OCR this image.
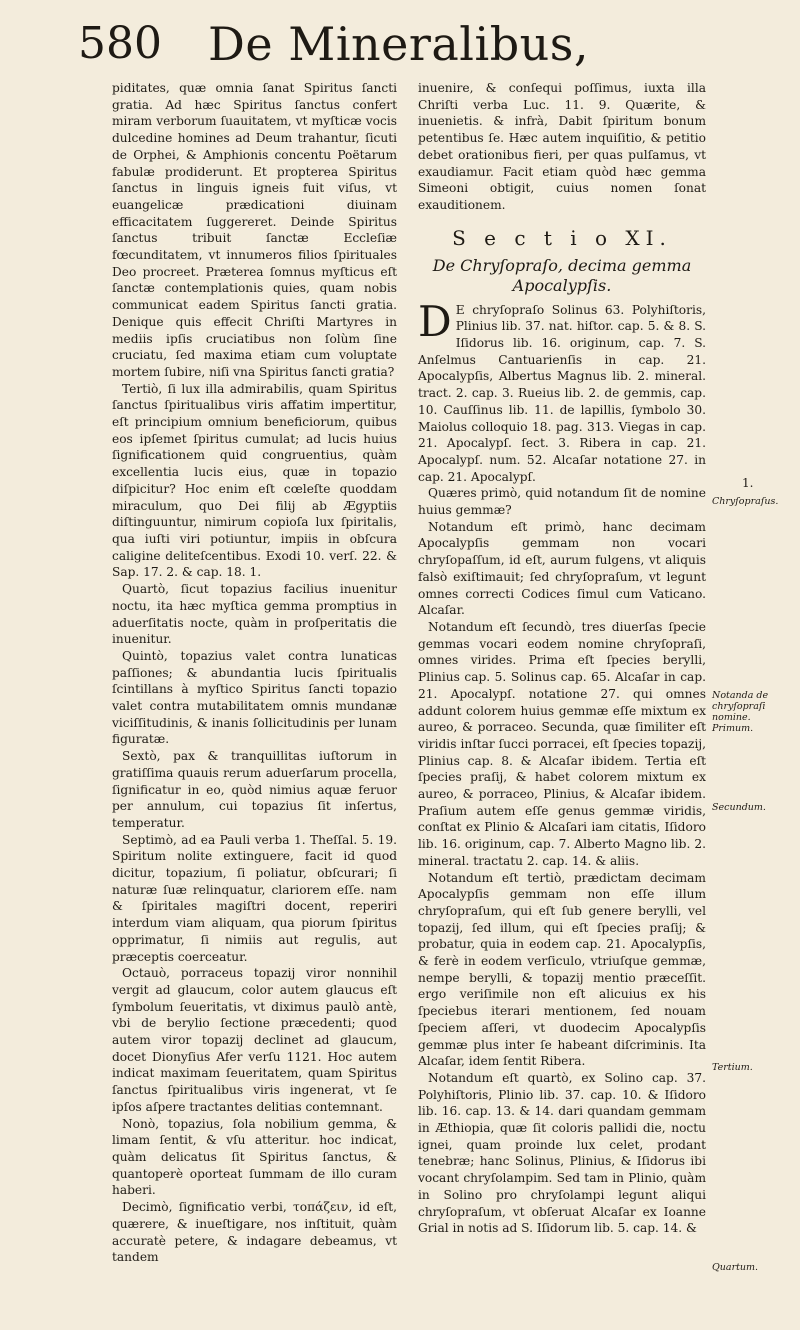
580 De Mineralibus,

piditates, quæ omnia ſanat Spiritus ſancti gratia. Ad hæc Spiritus ſanctus confert miram verborum ſuauitatem, vt myſticæ vocis dulcedine homines ad Deum trahantur, ſicuti de Orphei, & Amphionis concentu Poëtarum fabulæ prodiderunt. Et propterea Spiritus ſanctus in linguis igneis fuit viſus, vt euangelicæ prædicationi diuinam efficacitatem ſuggereret. Deinde Spiritus ſanctus tribuit ſanctæ Eccleſiæ fœcunditatem, vt innumeros filios ſpirituales Deo procreet. Præterea ſomnus myſticus eſt ſanctæ contemplationis quies, quam nobis communicat eadem Spiritus ſancti gratia. Denique quis effecit Chriſti Martyres in mediis ipſis cruciatibus non ſolùm ſine cruciatu, ſed maxima etiam cum voluptate mortem ſubire, niſi vna Spiritus ſancti gratia?

Tertiò, ſi lux illa admirabilis, quam Spiritus ſanctus ſpiritualibus viris affatim impertitur, eſt principium omnium beneficiorum, quibus eos ipſemet ſpiritus cumulat; ad lucis huius ſignificationem quid congruentius, quàm excellentia lucis eius, quæ in topazio diſpicitur? Hoc enim eſt cœleſte quoddam miraculum, quo Dei filij ab Ægyptiis diſtinguuntur, nimirum copioſa lux ſpiritalis, qua iuſti viri potiuntur, impiis in obſcura caligine deliteſcentibus. Exodi 10. verſ. 22. & Sap. 17. 2. & cap. 18. 1.

Quartò, ſicut topazius facilius inuenitur noctu, ita hæc myſtica gemma promptius in aduerſitatis nocte, quàm in proſperitatis die inuenitur.

Quintò, topazius valet contra lunaticas paſſiones; & abundantia lucis ſpiritualis ſcintillans à myſtico Spiritus ſancti topazio valet contra mutabilitatem omnis mundanæ viciſſitudinis, & inanis ſollicitudinis per lunam figuratæ.

Sextò, pax & tranquillitas iuſtorum in gratiſſima quauis rerum aduerſarum procella, ſignificatur in eo, quòd nimius aquæ feruor per annulum, cui topazius ſit inſertus, temperatur.

Septimò, ad ea Pauli verba 1. Theſſal. 5. 19. Spiritum nolite extinguere, facit id quod dicitur, topazium, ſi poliatur, obſcurari; ſi naturæ ſuæ relinquatur, clariorem eſſe. nam & ſpiritales magiſtri docent, reperiri interdum viam aliquam, qua piorum ſpiritus opprimatur, ſi nimiis aut regulis, aut præceptis coerceatur.

Octauò, porraceus topazij viror nonnihil vergit ad glaucum, color autem glaucus eſt ſymbolum ſeueritatis, vt diximus paulò antè, vbi de berylio ſectione præcedenti; quod autem viror topazij declinet ad glaucum, docet Dionyſius Afer verſu 1121. Hoc autem indicat maximam ſeueritatem, quam Spiritus ſanctus ſpiritualibus viris ingenerat, vt ſe ipſos aſpere tractantes delitias contemnant.

Nonò, topazius, ſola nobilium gemma, & limam ſentit, & vſu atteritur. hoc indicat, quàm delicatus ſit Spiritus ſanctus, & quantoperè oporteat ſummam de illo curam haberi.

Decimò, ſignificatio verbi, τοπάζειν, id eſt, quærere, & inueſtigare, nos inſtituit, quàm accuratè petere, & indagare debeamus, vt tandem

inuenire, & conſequi poſſimus, iuxta illa Chriſti verba Luc. 11. 9. Quærite, & inuenietis. & infrà, Dabit ſpiritum bonum petentibus ſe. Hæc autem inquiſitio, & petitio debet orationibus fieri, per quas pulſamus, vt exaudiamur. Facit etiam quòd hæc gemma Simeoni obtigit, cuius nomen ſonat exauditionem.

S e c t i o XI.
De Chryſopraſo, decima gemma Apocalypſis.

D E chryſopraſo Solinus 63. Polyhiſtoris, Plinius lib. 37. nat. hiſtor. cap. 5. & 8. S. Iſidorus lib. 16. originum, cap. 7. S. Anſelmus Cantuarienſis in cap. 21. Apocalypſis, Albertus Magnus lib. 2. mineral. tract. 2. cap. 3. Rueius lib. 2. de gemmis, cap. 10. Cauſſinus lib. 11. de lapillis, ſymbolo 30. Maiolus colloquio 18. pag. 313. Viegas in cap. 21. Apocalypſ. ſect. 3. Ribera in cap. 21. Apocalypſ. num. 52. Alcaſar notatione 27. in cap. 21. Apocalypſ.

Quæres primò, quid notandum ſit de nomine huius gemmæ?

Notandum eſt primò, hanc decimam Apocalypſis gemmam non vocari chryſopaſſum, id eſt, aurum fulgens, vt aliquis falsò exiſtimauit; ſed chryſopraſum, vt legunt omnes correcti Codices ſimul cum Vaticano. Alcaſar.

Notandum eſt ſecundò, tres diuerſas ſpecie gemmas vocari eodem nomine chryſopraſi, omnes virides. Prima eſt ſpecies berylli, Plinius cap. 5. Solinus cap. 65. Alcaſar in cap. 21. Apocalypſ. notatione 27. qui omnes addunt colorem huius gemmæ eſſe mixtum ex aureo, & porraceo. Secunda, quæ ſimiliter eſt viridis inſtar ſucci porracei, eſt ſpecies topazij, Plinius cap. 8. & Alcaſar ibidem. Tertia eſt ſpecies praſij, & habet colorem mixtum ex aureo, & porraceo, Plinius, & Alcaſar ibidem. Praſium autem eſſe genus gemmæ viridis, conſtat ex Plinio & Alcaſari iam citatis, Iſidoro lib. 16. originum, cap. 7. Alberto Magno lib. 2. mineral. tractatu 2. cap. 14. & aliis.

Notandum eſt tertiò, prædictam decimam Apocalypſis gemmam non eſſe illum chryſopraſum, qui eſt ſub genere berylli, vel topazij, ſed illum, qui eſt ſpecies praſij; & probatur, quia in eodem cap. 21. Apocalypſis, & ferè in eodem verſiculo, vtriuſque gemmæ, nempe berylli, & topazij mentio præceſſit. ergo veriſimile non eſt alicuius ex his ſpeciebus iterari mentionem, ſed nouam ſpeciem aſſeri, vt duodecim Apocalypſis gemmæ plus inter ſe habeant diſcriminis. Ita Alcaſar, idem ſentit Ribera.

Notandum eſt quartò, ex Solino cap. 37. Polyhiſtoris, Plinio lib. 37. cap. 10. & Iſidoro lib. 16. cap. 13. & 14. dari quandam gemmam in Æthiopia, quæ ſit coloris pallidi die, noctu ignei, quam proinde lux celet, prodant tenebræ; hanc Solinus, Plinius, & Iſidorus ibi vocant chryſolampim. Sed tam in Plinio, quàm in Solino pro chryſolampi legunt aliqui chryſopraſum, vt obſeruat Alcaſar ex Ioanne Grial in notis ad S. Iſidorum lib. 5. cap. 14. &

1.
Chryſopraſus.
Notanda de chryſopraſi nomine. Primum.
Secundum.
Tertium.
Quartum.
